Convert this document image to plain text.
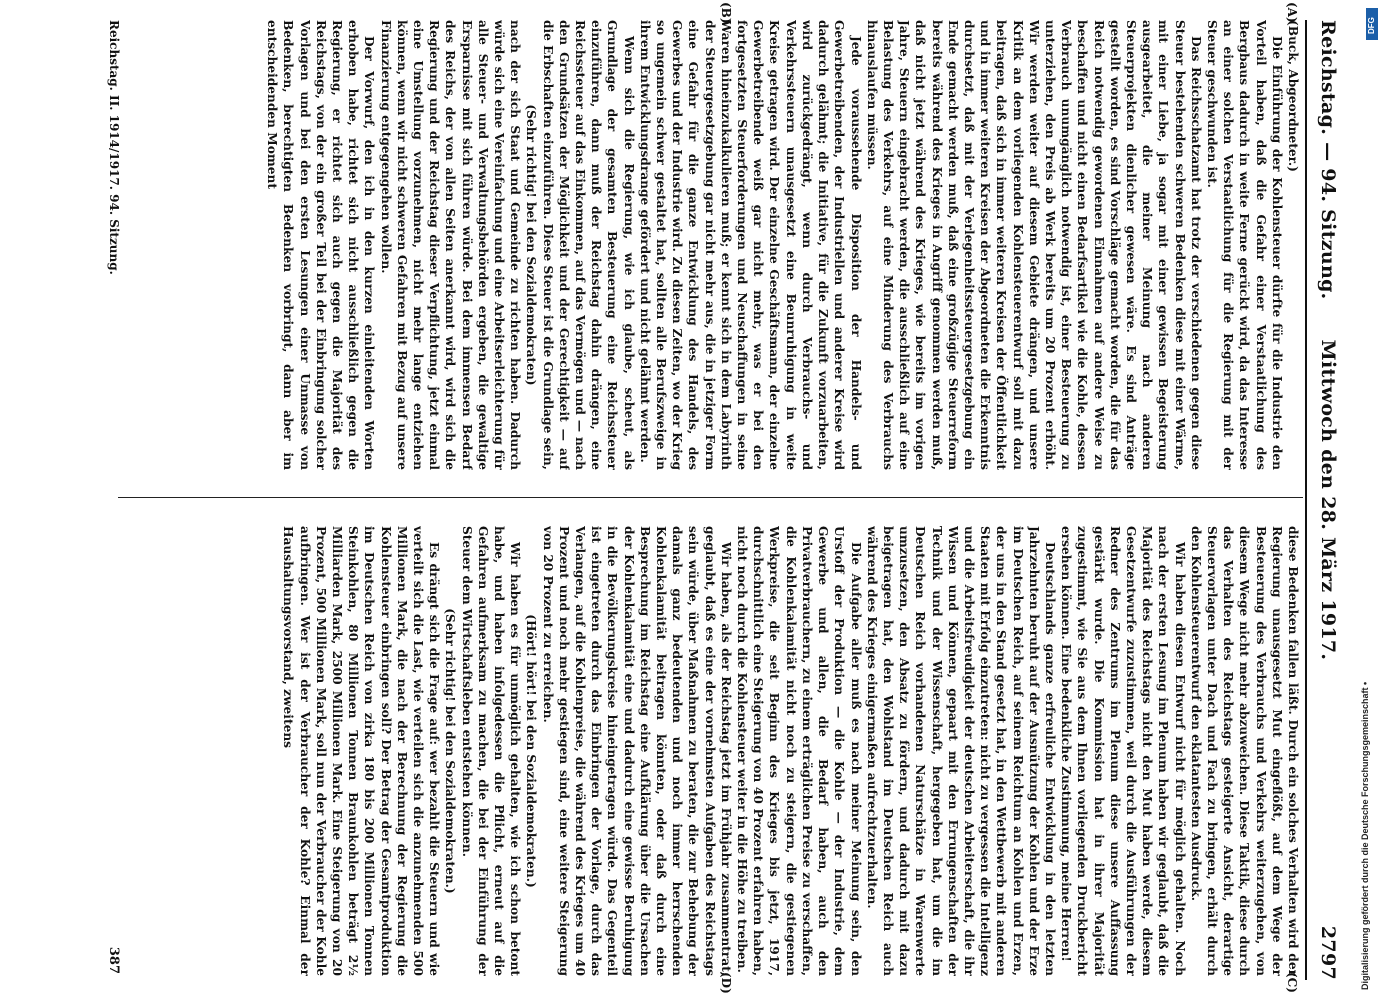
Reichstag. — 94. Sitzung.
Mittwoch den 28. März 1917.
2797
(A)
(B)
(C)
(D)

(Buck, Abgeordneter.)

Die Einführung der Kohlensteuer dürfte für die Industrie den Vorteil haben, daß die Gefahr einer Verstaatlichung des Bergbaus dadurch in weite Ferne gerückt wird, da das Interesse an einer solchen Verstaatlichung für die Regierung mit der Steuer geschwunden ist.

Das Reichsschatzamt hat trotz der verschiedenen gegen diese Steuer bestehenden schweren Bedenken diese mit einer Wärme, mit einer Liebe, ja sogar mit einer gewissen Begeisterung ausgearbeitet, die meiner Meinung nach anderen Steuerprojekten dienlicher gewesen wäre. Es sind Anträge gestellt worden, es sind Vorschläge gemacht worden, die für das Reich notwendig gewordenen Einnahmen auf andere Weise zu beschaffen und nicht einen Bedarfsartikel wie die Kohle, dessen Verbrauch unumgänglich notwendig ist, einer Besteuerung zu unterziehen, den Preis ab Werk bereits um 20 Prozent erhöht. Wir werden weiter auf diesem Gebiete drängen, und unsere Kritik an dem vorliegenden Kohlensteuerentwurf soll mit dazu beitragen, daß sich in immer weiteren Kreisen der Öffentlichkeit und in immer weiteren Kreisen der Abgeordneten die Erkenntnis durchsetzt, daß mit der Verlegenheitssteuergesetzgebung ein Ende gemacht werden muß, daß eine großzügige Steuerreform bereits während des Krieges in Angriff genommen werden muß, daß nicht jetzt während des Krieges, wie bereits im vorigen Jahre, Steuern eingebracht werden, die ausschließlich auf eine Belastung des Verkehrs, auf eine Minderung des Verbrauchs hinauslaufen müssen.

Jede voraussehende Disposition der Handels- und Gewerbetreibenden, der Industriellen und anderer Kreise wird dadurch gelähmt; die Initiative, für die Zukunft vorzuarbeiten, wird zurückgedrängt, wenn durch Verbrauchs- und Verkehrssteuern unausgesetzt eine Beunruhigung in weite Kreise getragen wird. Der einzelne Geschäftsmann, der einzelne Gewerbetreibende weiß gar nicht mehr, was er bei den fortgesetzten Steuerforderungen und Neuschaffungen in seine Waren hineinzukalkulieren muß; er kennt sich in dem Labyrinth der Steuergesetzgebung gar nicht mehr aus, die in jetziger Form eine Gefahr für die ganze Entwicklung des Handels, des Gewerbes und der Industrie wird. Zu diesen Zeiten, wo der Krieg so ungemein schwer gestaltet hat, sollten alle Berufszweige in ihrem Entwicklungsdrange gefördert und nicht gelähmt werden.

Wenn sich die Regierung, wie ich glaube, scheut, als Grundlage der gesamten Besteuerung eine Reichssteuer einzuführen, dann muß der Reichstag dahin drängen, eine Reichssteuer auf das Einkommen, auf das Vermögen und — nach den Grundsätzen der Möglichkeit und der Gerechtigkeit — auf die Erbschaften einzuführen. Diese Steuer ist die Grundlage sein,

(Sehr richtig! bei den Sozialdemokraten)

nach der sich Staat und Gemeinde zu richten haben. Dadurch würde sich eine Vereinfachung und eine Arbeitserleichterung für alle Steuer- und Verwaltungsbehörden ergeben, die gewaltige Ersparnisse mit sich führen würde. Bei dem immensen Bedarf des Reichs, der von allen Seiten anerkannt wird, wird sich die Regierung und der Reichstag dieser Verpflichtung, jetzt einmal eine Umstellung vorzunehmen, nicht mehr lange entziehen können, wenn wir nicht schweren Gefahren mit Bezug auf unsere Finanzierung entgegengehen wollen.

Der Vorwurf, den ich in den kurzen einleitenden Worten erhoben habe, richtet sich nicht ausschließlich gegen die Regierung, er richtet sich auch gegen die Majorität des Reichstags, von der ein großer Teil bei der Einbringung solcher Vorlagen und bei den ersten Lesungen einer Unmasse von Bedenken, berechtigten Bedenken vorbringt, dann aber im entscheidenden Moment

diese Bedenken fallen läßt. Durch ein solches Verhalten wird der Regierung unausgesetzt Mut eingeflößt, auf dem Wege der Besteuerung des Verbrauchs und Verkehrs weiterzugehen, von diesem Wege nicht mehr abzuweichen. Diese Taktik, diese durch das Verhalten des Reichstags gesteigerte Ansicht, derartige Steuervorlagen unter Dach und Fach zu bringen, erhält durch den Kohlensteuerentwurf den eklatantesten Ausdruck.

Wir haben diesen Entwurf nicht für möglich gehalten. Noch nach der ersten Lesung im Plenum haben wir geglaubt, daß die Majorität des Reichstags nicht den Mut haben werde, diesem Gesetzentwurfe zuzustimmen, weil durch die Ausführungen der Redner des Zentrums im Plenum diese unsere Auffassung gestärkt wurde. Die Kommission hat in ihrer Majorität zugestimmt, wie Sie aus dem Ihnen vorliegenden Druckbericht ersehen können. Eine bedenkliche Zustimmung, meine Herren!

Deutschlands ganze erfreuliche Entwicklung in den letzten Jahrzehnten beruht auf der Ausnützung der Kohlen und der Erze im Deutschen Reich, auf seinem Reichtum an Kohlen und Erzen, der uns in den Stand gesetzt hat, in den Wettbewerb mit anderen Staaten mit Erfolg einzutreten: nicht zu vergessen die Intelligenz und die Arbeitsfreudigkeit der deutschen Arbeiterschaft, die ihr Wissen und Können, gepaart mit den Errungenschaften der Technik und der Wissenschaft, hergegeben hat, um die im Deutschen Reich vorhandenen Naturschätze in Warenwerte umzusetzen, den Absatz zu fördern, und dadurch mit dazu beigetragen hat, den Wohlstand im Deutschen Reich auch während des Krieges einigermaßen aufrechtzuerhalten.

Die Aufgabe aller muß es nach meiner Meinung sein, den Urstoff der Produktion — die Kohle — der Industrie, dem Gewerbe und allen, die Bedarf haben, auch den Privatverbrauchern, zu einem erträglichen Preise zu verschaffen, die Kohlenkalamität nicht noch zu steigern, die gestiegenen Werkpreise, die seit Beginn des Krieges bis jetzt, 1917, durchschnittlich eine Steigerung von 40 Prozent erfahren haben, nicht noch durch die Kohlensteuer weiter in die Höhe zu treiben.

Wir haben, als der Reichstag jetzt im Frühjahr zusammentrat, geglaubt, daß es eine der vornehmsten Aufgaben des Reichstags sein würde, über Maßnahmen zu beraten, die zur Behebung der damals ganz bedeutenden und noch immer herrschenden Kohlenkalamität beitragen könnten, oder daß durch eine Besprechung im Reichstag eine Aufklärung über die Ursachen der Kohlenkalamität eine und dadurch eine gewisse Beruhigung in die Bevölkerungskreise hineingetragen würde. Das Gegenteil ist eingetreten durch das Einbringen der Vorlage, durch das Verlangen, auf die Kohlenpreise, die während des Krieges um 40 Prozent und noch mehr gestiegen sind, eine weitere Steigerung von 20 Prozent zu erreichen.

(Hört! hört! bei den Sozialdemokraten.)

Wir haben es für unmöglich gehalten, wie ich schon betont habe, und haben infolgedessen die Pflicht, erneut auf die Gefahren aufmerksam zu machen, die bei der Einführung der Steuer dem Wirtschaftsleben entstehen können.

(Sehr richtig! bei den Sozialdemokraten.)

Es drängt sich die Frage auf: wer bezahlt die Steuern und wie verteilt sich die Last, wie verteilen sich die anzunehmenden 500 Millionen Mark, die nach der Berechnung der Regierung die Kohlensteuer einbringen soll? Der Betrag der Gesamtproduktion im Deutschen Reich von zirka 180 bis 200 Millionen Tonnen Steinkohlen, 80 Millionen Tonnen Braunkohlen beträgt 2½ Milliarden Mark, 2500 Millionen Mark. Eine Steigerung von 20 Prozent, 500 Millionen Mark, soll nun der Verbraucher der Kohle aufbringen. Wer ist der Verbraucher der Kohle? Einmal der Haushaltungsvorstand, zweitens

Reichstag. II. 1914/1917. 94. Sitzung.
387	Digitalisierung gefördert durch die Deutsche Forschungsgemeinschaft •
DFG
